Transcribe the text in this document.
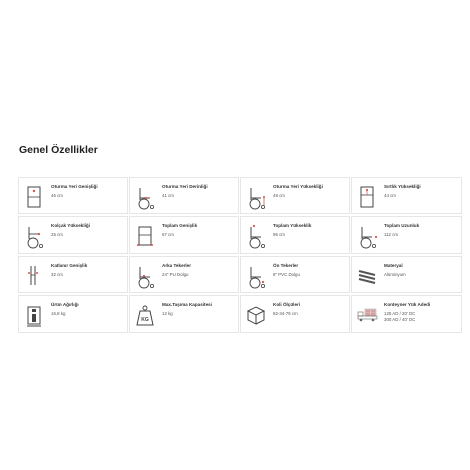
Genel Özellikler
Oturma Yeri Genişliği
46 cm
Oturma Yeri Derinliği
41 cm
Oturma Yeri Yüksekliği
48 cm
Sırtlık Yüksekliği
44 cm
Kolçak Yüksekliği
25 cm
Toplam Genişlik
67 cm
Toplam Yükseklik
95 cm
Toplam Uzunluk
112 cm
Katlanır Genişlik
32 cm
Arka Tekerler
24" PU Dolgu
Ön Tekerler
8" PVC Dolgu
Materyal
Alüminyum
Ürün Ağırlığı
16,8 kg
KG
Max.Taşıma Kapasitesi
12 kg
Koli Ölçüleri
82-34-79 cm
Konteyner Yük Adedi
125 AD / 20' DC
300 AD / 40' DC
